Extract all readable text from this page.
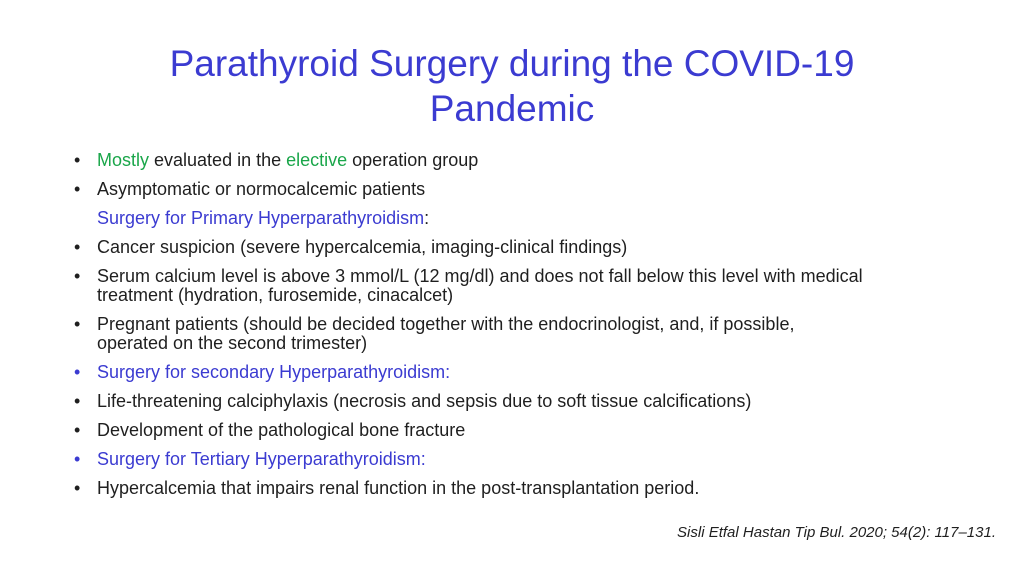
Parathyroid Surgery during the COVID-19
Pandemic
• Mostly evaluated in the elective operation group
• Asymptomatic or normocalcemic patients
Surgery for Primary Hyperparathyroidism:
• Cancer suspicion (severe hypercalcemia, imaging-clinical findings)
• Serum calcium level is above 3 mmol/L (12 mg/dl) and does not fall below this level with medical
treatment (hydration, furosemide, cinacalcet)
• Pregnant patients (should be decided together with the endocrinologist, and, if possible,
operated on the second trimester)
• Surgery for secondary Hyperparathyroidism:
• Life-threatening calciphylaxis (necrosis and sepsis due to soft tissue calcifications)
• Development of the pathological bone fracture
• Surgery for Tertiary Hyperparathyroidism:
• Hypercalcemia that impairs renal function in the post-transplantation period.
Sisli Etfal Hastan Tip Bul. 2020; 54(2): 117–131.
